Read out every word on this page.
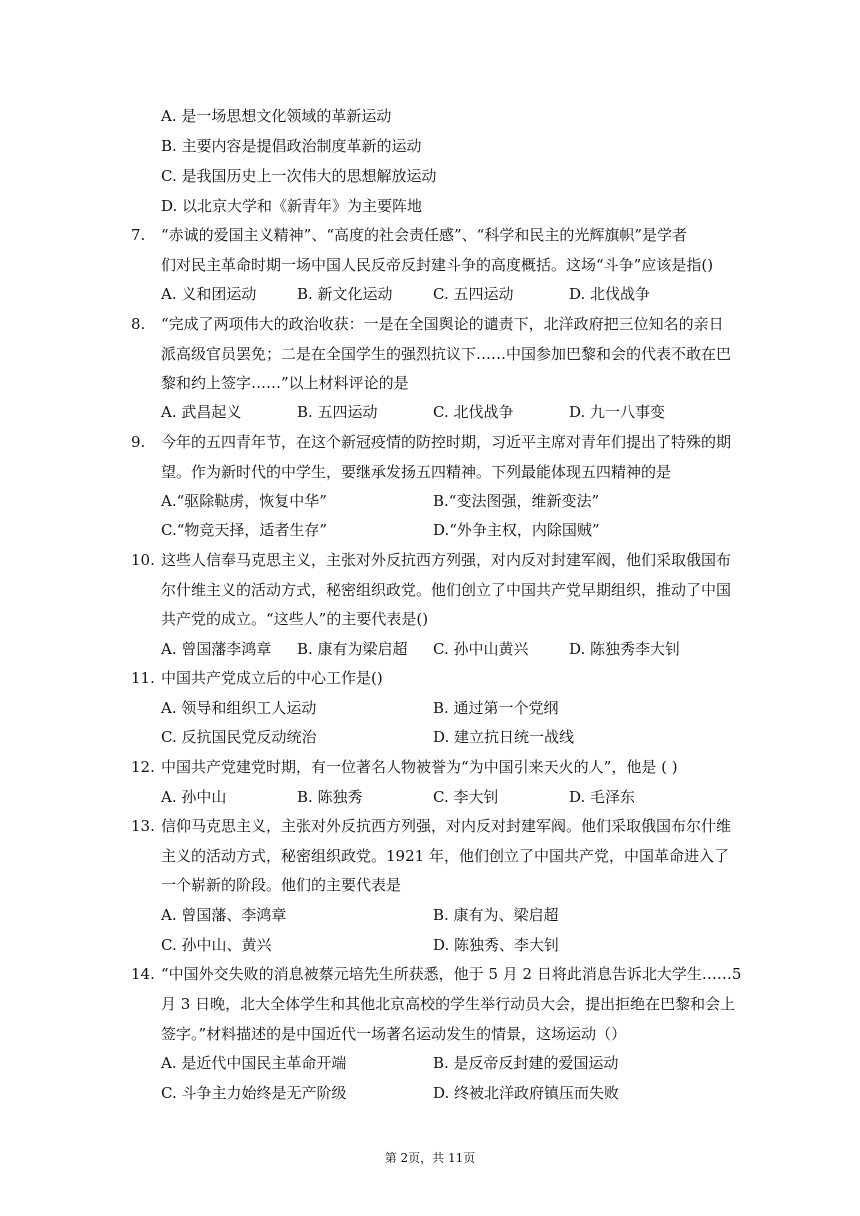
A. 是一场思想文化领域的革新运动
B. 主要内容是提倡政治制度革新的运动
C. 是我国历史上一次伟大的思想解放运动
D. 以北京大学和《新青年》为主要阵地
7. “赤诚的爱国主义精神”、“高度的社会责任感”、“科学和民主的光辉旗帜”是学者
们对民主革命时期一场中国人民反帝反封建斗争的高度概括。这场“斗争”应该是指()
A. 义和团运动	B. 新文化运动	C. 五四运动	D. 北伐战争
8. “完成了两项伟大的政治收获：一是在全国舆论的谴责下，北洋政府把三位知名的亲日
派高级官员罢免；二是在全国学生的强烈抗议下……中国参加巴黎和会的代表不敢在巴
黎和约上签字……”以上材料评论的是
A. 武昌起义	B. 五四运动	C. 北伐战争	D. 九一八事变
9. 今年的五四青年节，在这个新冠疫情的防控时期，习近平主席对青年们提出了特殊的期
望。作为新时代的中学生，要继承发扬五四精神。下列最能体现五四精神的是
A.“驱除鞑虏，恢复中华”	B.“变法图强，维新变法”
C.“物竞天择，适者生存”	D.“外争主权，内除国贼”
10. 这些人信奉马克思主义，主张对外反抗西方列强，对内反对封建军阀，他们采取俄国布
尔什维主义的活动方式，秘密组织政党。他们创立了中国共产党早期组织，推动了中国
共产党的成立。“这些人”的主要代表是()
A. 曾国藩李鸿章 B. 康有为梁启超 C. 孙中山黄兴	D. 陈独秀李大钊
11. 中国共产党成立后的中心工作是()
A. 领导和组织工人运动	B. 通过第一个党纲
C. 反抗国民党反动统治	D. 建立抗日统一战线
12. 中国共产党建党时期，有一位著名人物被誉为“为中国引来天火的人”，他是 ( )
A. 孙中山	B. 陈独秀	C. 李大钊	D. 毛泽东
13. 信仰马克思主义，主张对外反抗西方列强，对内反对封建军阀。他们采取俄国布尔什维
主义的活动方式，秘密组织政党。1921 年，他们创立了中国共产党，中国革命进入了
一个崭新的阶段。他们的主要代表是
A. 曾国藩、李鸿章	B. 康有为、梁启超
C. 孙中山、黄兴	D. 陈独秀、李大钊
14. “中国外交失败的消息被蔡元培先生所获悉，他于 5 月 2 日将此消息告诉北大学生……5
月 3 日晚，北大全体学生和其他北京高校的学生举行动员大会，提出拒绝在巴黎和会上
签字。”材料描述的是中国近代一场著名运动发生的情景，这场运动（）
A. 是近代中国民主革命开端	B. 是反帝反封建的爱国运动
C. 斗争主力始终是无产阶级	D. 终被北洋政府镇压而失败
第 2页，共 11页
